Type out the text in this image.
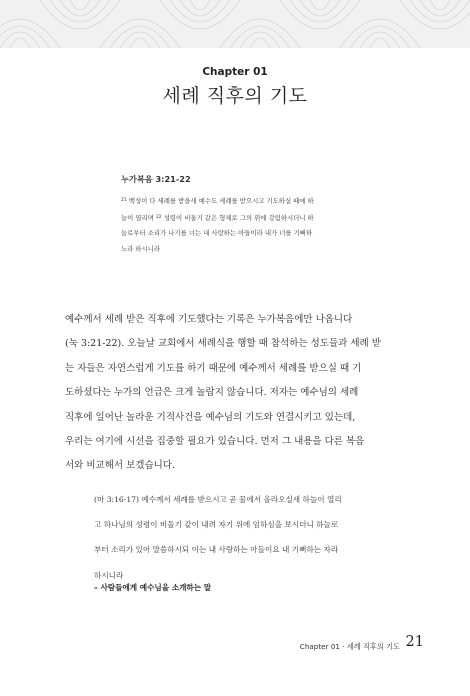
Chapter 01
세례 직후의 기도
누가복음 3:21-22
$^{21}$ 백성이 다 세례를 받을새 예수도 세례를 받으시고 기도하실 때에 하
늘이 열리며 $^{22}$ 성령이 비둘기 같은 형체로 그의 위에 강림하시더니 하
늘로부터 소리가 나기를 너는 내 사랑하는 아들이라 내가 너를 기뻐하
노라 하시니라
예수께서 세례 받은 직후에 기도했다는 기록은 누가복음에만 나옵니다
(눅 3:21-22). 오늘날 교회에서 세례식을 행할 때 참석하는 성도들과 세례 받
는 자들은 자연스럽게 기도를 하기 때문에 예수께서 세례를 받으실 때 기
도하셨다는 누가의 언급은 크게 놀랍지 않습니다. 저자는 예수님의 세례
직후에 일어난 놀라운 기적사건을 예수님의 기도와 연결시키고 있는데,
우리는 여기에 시선을 집중할 필요가 있습니다. 먼저 그 내용을 다른 복음
서와 비교해서 보겠습니다.
(마 3:16-17) 예수께서 세례를 받으시고 곧 물에서 올라오실새 하늘이 열리
고 하나님의 성령이 비둘기 같이 내려 자기 위에 임하심을 보시더니 하늘로
부터 소리가 있어 말씀하시되 이는 내 사랑하는 아들이요 내 기뻐하는 자라
하시니라
– 사람들에게 예수님을 소개하는 말
Chapter 01 · 세례 직후의 기도 21
